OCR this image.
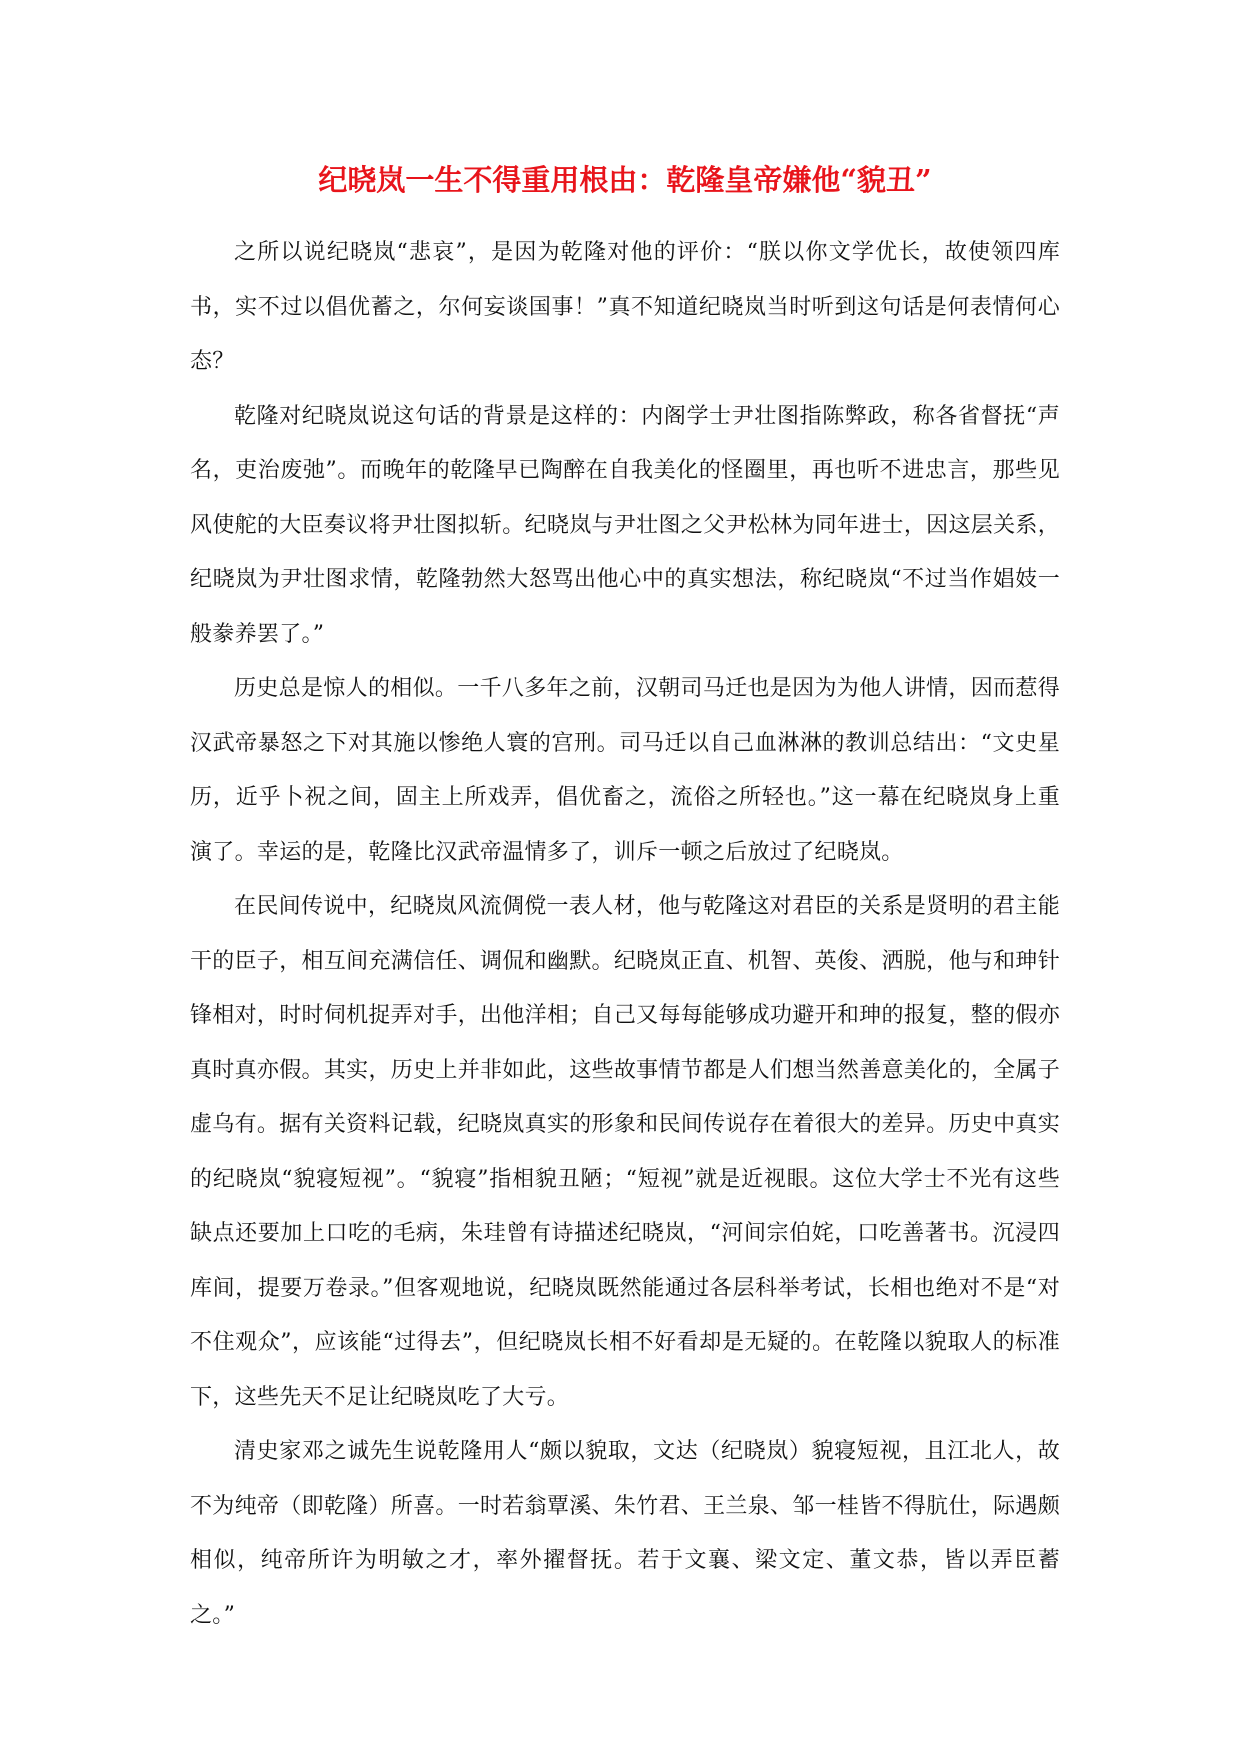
纪晓岚一生不得重用根由：乾隆皇帝嫌他“貌丑”

之所以说纪晓岚“悲哀”，是因为乾隆对他的评价：“朕以你文学优长，故使领四库书，实不过以倡优蓄之，尔何妄谈国事！”真不知道纪晓岚当时听到这句话是何表情何心态？

乾隆对纪晓岚说这句话的背景是这样的：内阁学士尹壮图指陈弊政，称各省督抚“声名，吏治废弛”。而晚年的乾隆早已陶醉在自我美化的怪圈里，再也听不进忠言，那些见风使舵的大臣奏议将尹壮图拟斩。纪晓岚与尹壮图之父尹松林为同年进士，因这层关系，纪晓岚为尹壮图求情，乾隆勃然大怒骂出他心中的真实想法，称纪晓岚“不过当作娼妓一般豢养罢了。”

历史总是惊人的相似。一千八多年之前，汉朝司马迁也是因为为他人讲情，因而惹得汉武帝暴怒之下对其施以惨绝人寰的宫刑。司马迁以自己血淋淋的教训总结出：“文史星历，近乎卜祝之间，固主上所戏弄，倡优畜之，流俗之所轻也。”这一幕在纪晓岚身上重演了。幸运的是，乾隆比汉武帝温情多了，训斥一顿之后放过了纪晓岚。

在民间传说中，纪晓岚风流倜傥一表人材，他与乾隆这对君臣的关系是贤明的君主能干的臣子，相互间充满信任、调侃和幽默。纪晓岚正直、机智、英俊、洒脱，他与和珅针锋相对，时时伺机捉弄对手，出他洋相；自己又每每能够成功避开和珅的报复，整的假亦真时真亦假。其实，历史上并非如此，这些故事情节都是人们想当然善意美化的，全属子虚乌有。据有关资料记载，纪晓岚真实的形象和民间传说存在着很大的差异。历史中真实的纪晓岚“貌寝短视”。“貌寝”指相貌丑陋；“短视”就是近视眼。这位大学士不光有这些缺点还要加上口吃的毛病，朱珪曾有诗描述纪晓岚，“河间宗伯姹，口吃善著书。沉浸四库间，提要万卷录。”但客观地说，纪晓岚既然能通过各层科举考试，长相也绝对不是“对不住观众”，应该能“过得去”，但纪晓岚长相不好看却是无疑的。在乾隆以貌取人的标准下，这些先天不足让纪晓岚吃了大亏。

清史家邓之诚先生说乾隆用人“颇以貌取，文达（纪晓岚）貌寝短视，且江北人，故不为纯帝（即乾隆）所喜。一时若翁覃溪、朱竹君、王兰泉、邹一桂皆不得肮仕，际遇颇相似，纯帝所许为明敏之才，率外擢督抚。若于文襄、梁文定、董文恭，皆以弄臣蓄之。”
